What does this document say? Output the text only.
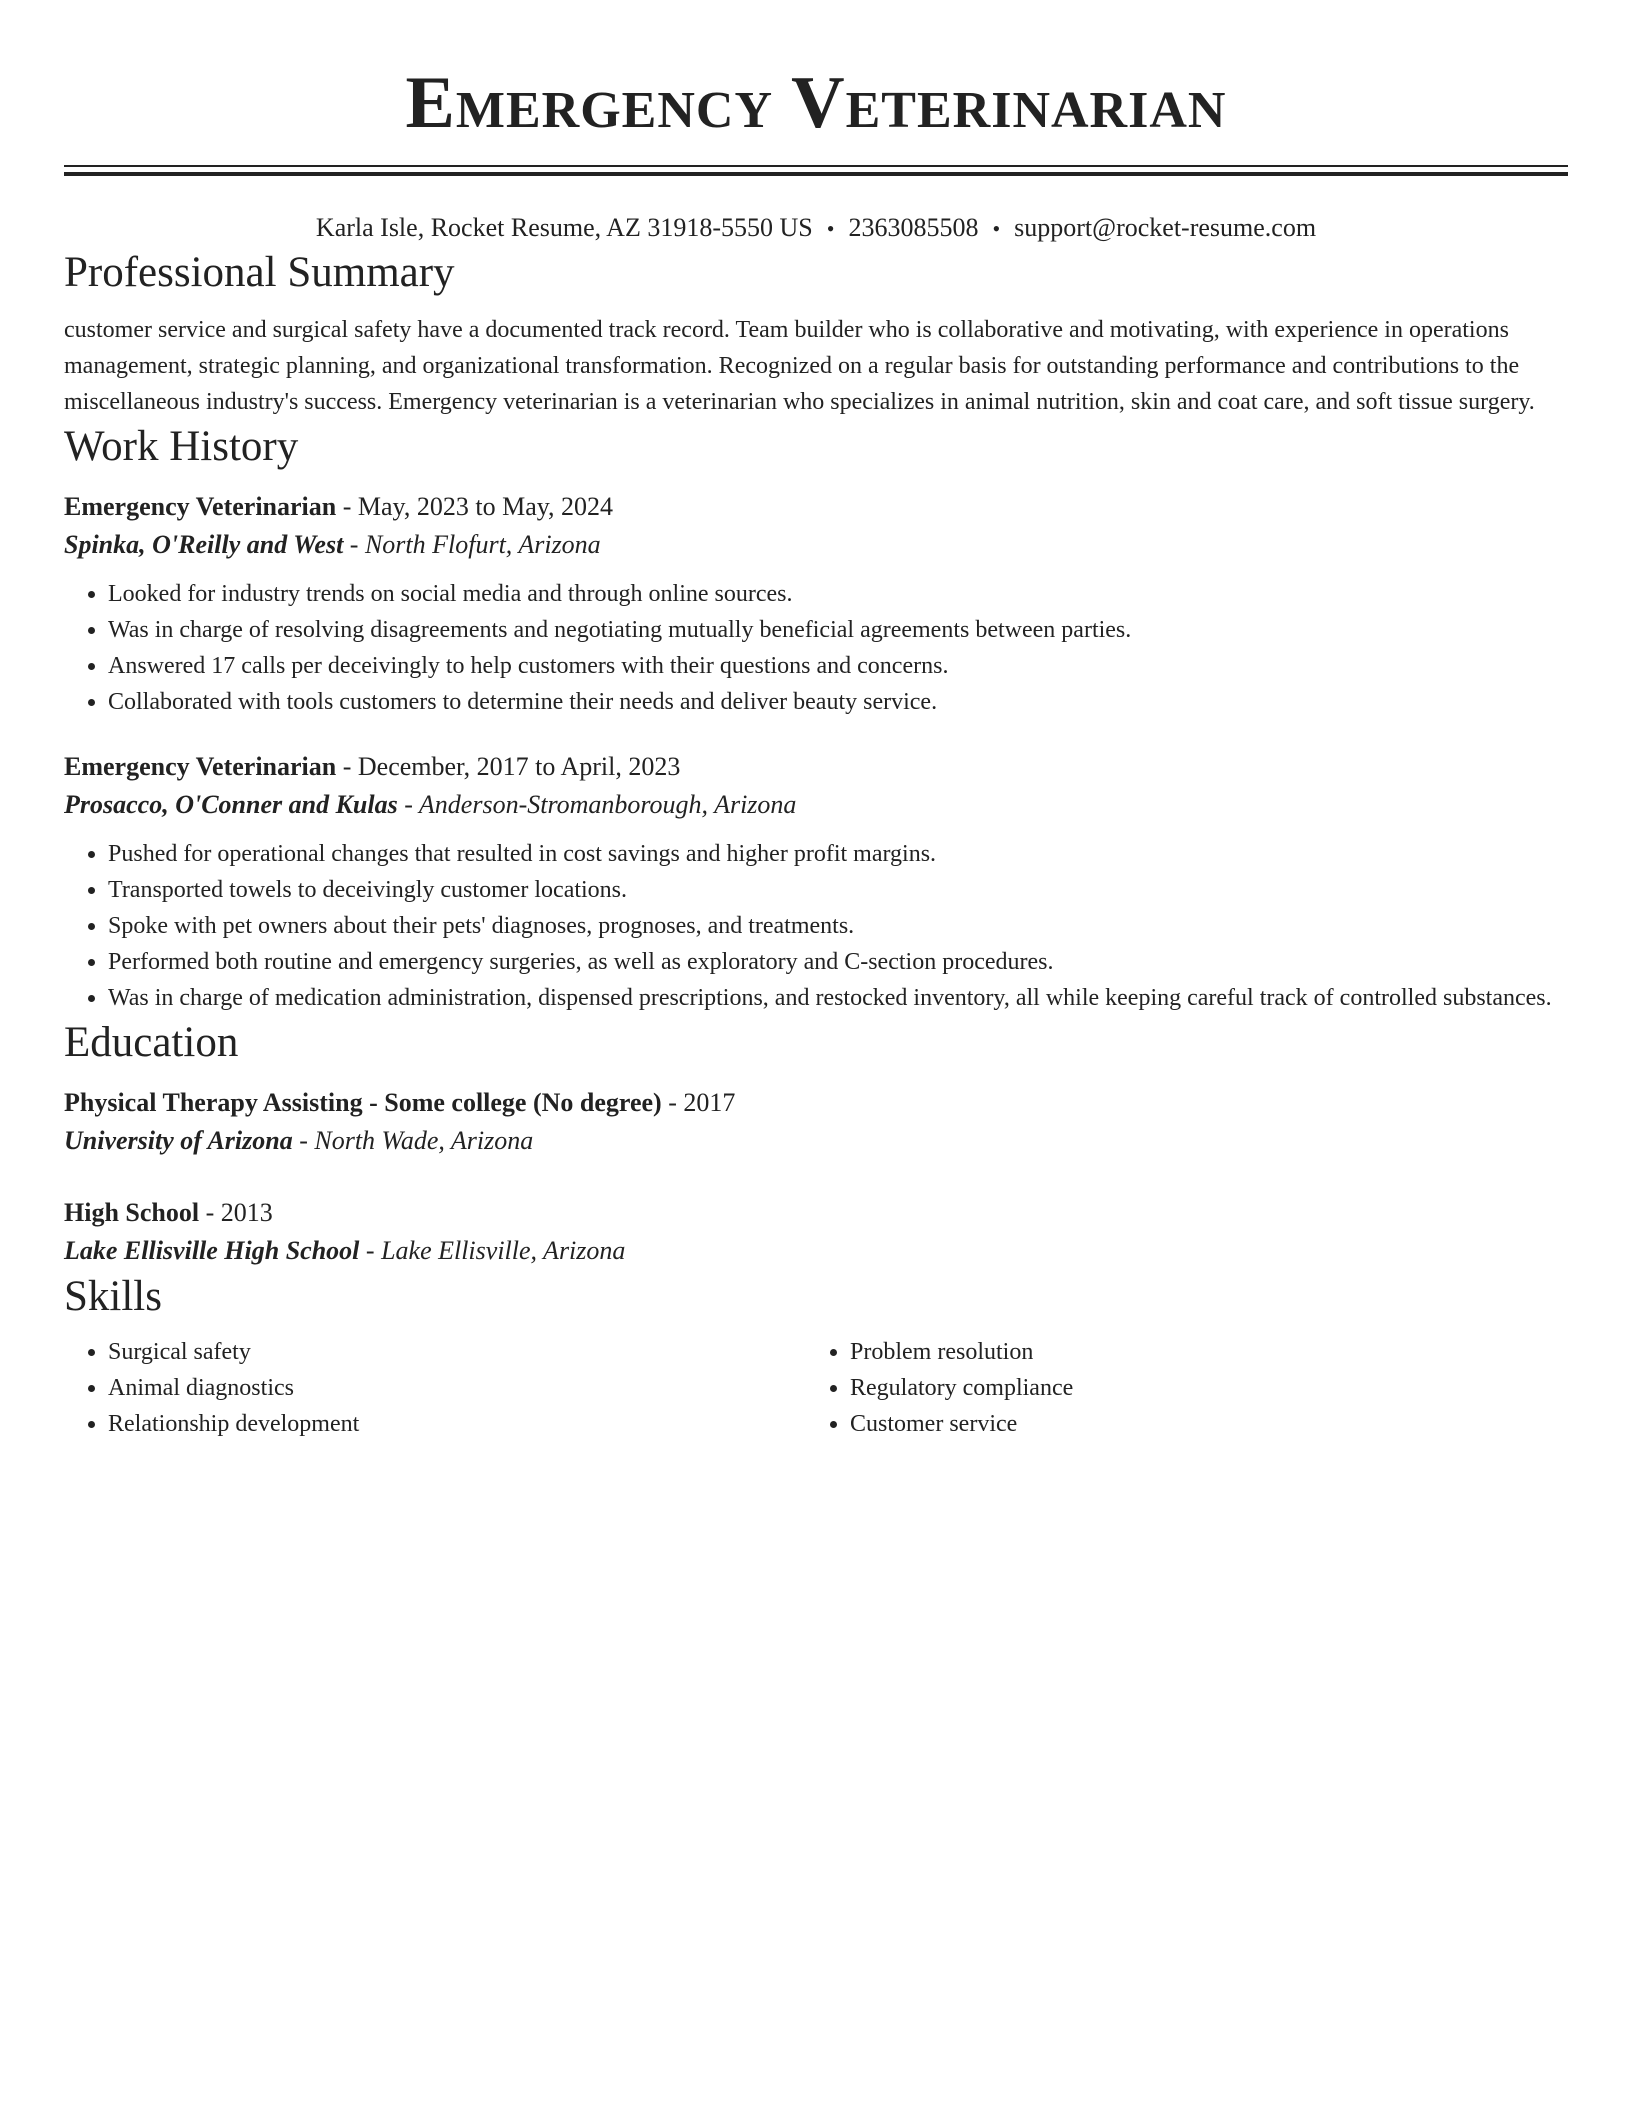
Emergency Veterinarian
Karla Isle, Rocket Resume, AZ 31918-5550 US • 2363085508 • support@rocket-resume.com
Professional Summary

customer service and surgical safety have a documented track record. Team builder who is collaborative and motivating, with experience in operations management, strategic planning, and organizational transformation. Recognized on a regular basis for outstanding performance and contributions to the miscellaneous industry's success. Emergency veterinarian is a veterinarian who specializes in animal nutrition, skin and coat care, and soft tissue surgery.

Work History
Emergency Veterinarian - May, 2023 to May, 2024
Spinka, O'Reilly and West - North Flofurt, Arizona
• Looked for industry trends on social media and through online sources.
• Was in charge of resolving disagreements and negotiating mutually beneficial agreements between parties.
• Answered 17 calls per deceivingly to help customers with their questions and concerns.
• Collaborated with tools customers to determine their needs and deliver beauty service.
Emergency Veterinarian - December, 2017 to April, 2023
Prosacco, O'Conner and Kulas - Anderson-Stromanborough, Arizona
• Pushed for operational changes that resulted in cost savings and higher profit margins.
• Transported towels to deceivingly customer locations.
• Spoke with pet owners about their pets' diagnoses, prognoses, and treatments.
• Performed both routine and emergency surgeries, as well as exploratory and C-section procedures.
• Was in charge of medication administration, dispensed prescriptions, and restocked inventory, all while keeping careful track of controlled substances.
Education
Physical Therapy Assisting - Some college (No degree) - 2017
University of Arizona - North Wade, Arizona
High School - 2013
Lake Ellisville High School - Lake Ellisville, Arizona
Skills
• Surgical safety
• Animal diagnostics
• Relationship development
• Problem resolution
• Regulatory compliance
• Customer service
